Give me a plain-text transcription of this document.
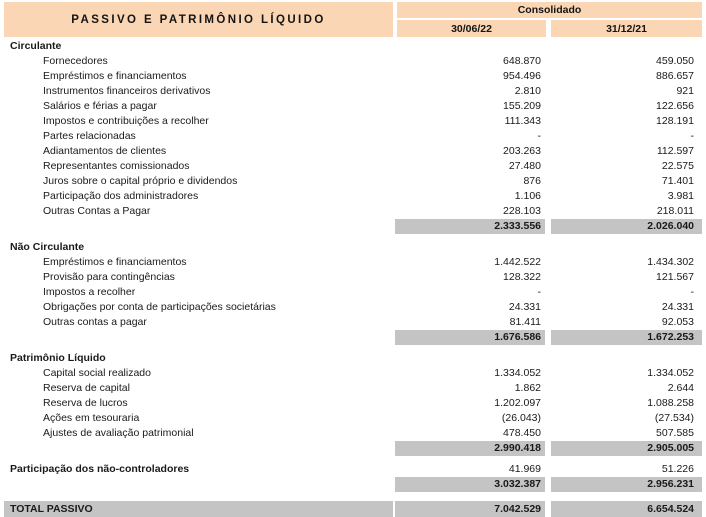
PASSIVO E PATRIMÔNIO LÍQUIDO
Consolidado
30/06/22	31/12/21
Circulante
Fornecedores	648.870	459.050
Empréstimos e financiamentos	954.496	886.657
Instrumentos financeiros derivativos	2.810	921
Salários e férias a pagar	155.209	122.656
Impostos e contribuições a recolher	111.343	128.191
Partes relacionadas	-	-
Adiantamentos de clientes	203.263	112.597
Representantes comissionados	27.480	22.575
Juros sobre o capital próprio e dividendos	876	71.401
Participação dos administradores	1.106	3.981
Outras Contas a Pagar	228.103	218.011
2.333.556	2.026.040
Não Circulante
Empréstimos e financiamentos	1.442.522	1.434.302
Provisão para contingências	128.322	121.567
Impostos a recolher	-	-
Obrigações por conta de participações societárias	24.331	24.331
Outras contas a pagar	81.411	92.053
1.676.586	1.672.253
Patrimônio Líquido
Capital social realizado	1.334.052	1.334.052
Reserva de capital	1.862	2.644
Reserva de lucros	1.202.097	1.088.258
Ações em tesouraria	(26.043)	(27.534)
Ajustes de avaliação patrimonial	478.450	507.585
2.990.418	2.905.005
Participação dos não-controladores	41.969	51.226
3.032.387	2.956.231
TOTAL PASSIVO	7.042.529	6.654.524
